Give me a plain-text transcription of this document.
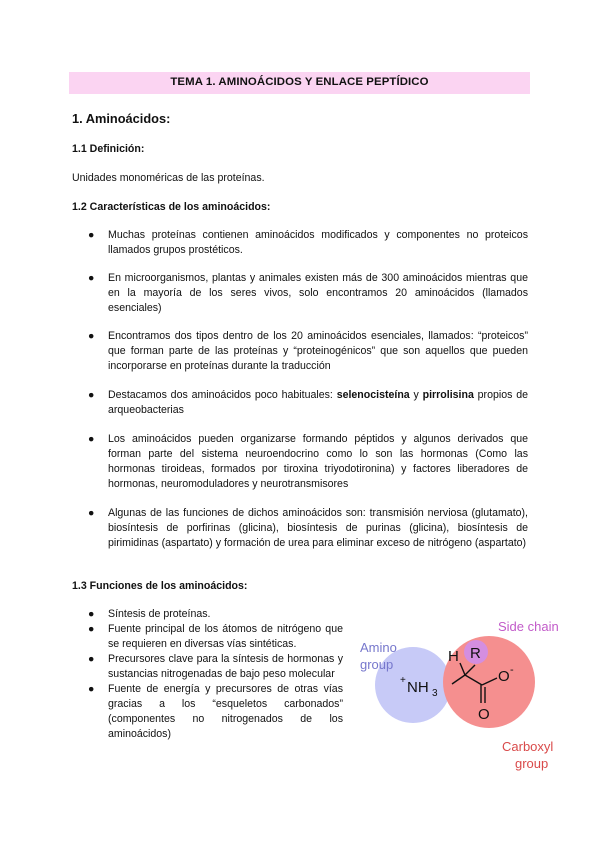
TEMA 1. AMINOÁCIDOS Y ENLACE PEPTÍDICO
1. Aminoácidos:
1.1 Definición:
Unidades monoméricas de las proteínas.
1.2 Características de los aminoácidos:
● Muchas proteínas contienen aminoácidos modificados y componentes no proteicos llamados grupos prostéticos.
● En microorganismos, plantas y animales existen más de 300 aminoácidos mientras que en la mayoría de los seres vivos, solo encontramos 20 aminoácidos (llamados esenciales)
● Encontramos dos tipos dentro de los 20 aminoácidos esenciales, llamados: “proteicos” que forman parte de las proteínas y “proteinogénicos” que son aquellos que pueden incorporarse en proteínas durante la traducción
● Destacamos dos aminoácidos poco habituales: selenocisteína y pirrolisina propios de arqueobacterias
● Los aminoácidos pueden organizarse formando péptidos y algunos derivados que forman parte del sistema neuroendocrino como lo son las hormonas (Como las hormonas tiroideas, formados por tiroxina triyodotironina) y factores liberadores de hormonas, neuromoduladores y neurotransmisores
● Algunas de las funciones de dichos aminoácidos son: transmisión nerviosa (glutamato), biosíntesis de porfirinas (glicina), biosíntesis de purinas (glicina), biosíntesis de pirimidinas (aspartato) y formación de urea para eliminar exceso de nitrógeno (aspartato)
1.3 Funciones de los aminoácidos:
● Síntesis de proteínas.
● Fuente principal de los átomos de nitrógeno que se requieren en diversas vías sintéticas.
● Precursores clave para la síntesis de hormonas y sustancias nitrogenadas de bajo peso molecular
● Fuente de energía y precursores de otras vías gracias a los “esqueletos carbonados” (componentes no nitrogenados de los aminoácidos)
Amino
group
Side chain
Carboxyl
group
H R
+ NH 3
O -
O
